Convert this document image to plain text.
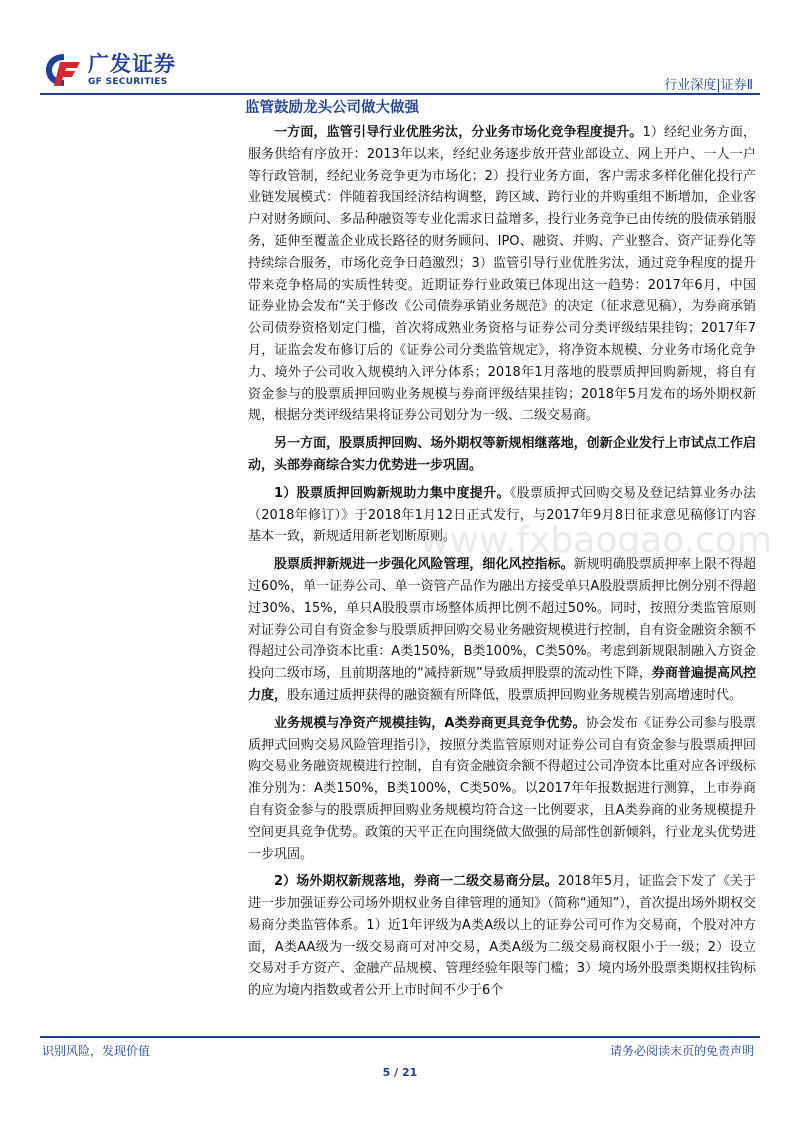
广发证券
GF SECURITIES	行业深度|证券Ⅱ
www.fxbaogao.com
监管鼓励龙头公司做大做强

一方面，监管引导行业优胜劣汰，分业务市场化竞争程度提升。1）经纪业务方面，服务供给有序放开：2013年以来，经纪业务逐步放开营业部设立、网上开户、一人一户等行政管制，经纪业务竞争更为市场化；2）投行业务方面，客户需求多样化催化投行产业链发展模式：伴随着我国经济结构调整，跨区域、跨行业的并购重组不断增加，企业客户对财务顾问、多品种融资等专业化需求日益增多，投行业务竞争已由传统的股债承销服务，延伸至覆盖企业成长路径的财务顾问、IPO、融资、并购、产业整合、资产证券化等持续综合服务，市场化竞争日趋激烈；3）监管引导行业优胜劣汰，通过竞争程度的提升带来竞争格局的实质性转变。近期证券行业政策已体现出这一趋势：2017年6月，中国证券业协会发布“关于修改《公司债券承销业务规范》的决定（征求意见稿），为券商承销公司债券资格划定门槛，首次将成熟业务资格与证券公司分类评级结果挂钩；2017年7月，证监会发布修订后的《证券公司分类监管规定》，将净资本规模、分业务市场化竞争力、境外子公司收入规模纳入评分体系；2018年1月落地的股票质押回购新规，将自有资金参与的股票质押回购业务规模与券商评级结果挂钩；2018年5月发布的场外期权新规，根据分类评级结果将证券公司划分为一级、二级交易商。

另一方面，股票质押回购、场外期权等新规相继落地，创新企业发行上市试点工作启动，头部券商综合实力优势进一步巩固。

1）股票质押回购新规助力集中度提升。《股票质押式回购交易及登记结算业务办法（2018年修订）》于2018年1月12日正式发行，与2017年9月8日征求意见稿修订内容基本一致，新规适用新老划断原则。

股票质押新规进一步强化风险管理，细化风控指标。新规明确股票质押率上限不得超过60%，单一证券公司、单一资管产品作为融出方接受单只A股股票质押比例分别不得超过30%、15%，单只A股股票市场整体质押比例不超过50%。同时，按照分类监管原则对证券公司自有资金参与股票质押回购交易业务融资规模进行控制，自有资金融资余额不得超过公司净资本比重：A类150%，B类100%，C类50%。考虑到新规限制融入方资金投向二级市场，且前期落地的“减持新规”导致质押股票的流动性下降，券商普遍提高风控力度，股东通过质押获得的融资额有所降低，股票质押回购业务规模告别高增速时代。

业务规模与净资产规模挂钩，A类券商更具竞争优势。协会发布《证券公司参与股票质押式回购交易风险管理指引》，按照分类监管原则对证券公司自有资金参与股票质押回购交易业务融资规模进行控制，自有资金融资余额不得超过公司净资本比重对应各评级标准分别为：A类150%，B类100%，C类50%。以2017年年报数据进行测算，上市券商自有资金参与的股票质押回购业务规模均符合这一比例要求，且A类券商的业务规模提升空间更具竞争优势。政策的天平正在向围绕做大做强的局部性创新倾斜，行业龙头优势进一步巩固。

2）场外期权新规落地，券商一二级交易商分层。2018年5月，证监会下发了《关于进一步加强证券公司场外期权业务自律管理的通知》（简称“通知”），首次提出场外期权交易商分类监管体系。1）近1年评级为A类A级以上的证券公司可作为交易商，个股对冲方面，A类AA级为一级交易商可对冲交易，A类A级为二级交易商权限小于一级；2）设立交易对手方资产、金融产品规模、管理经验年限等门槛；3）境内场外股票类期权挂钩标的应为境内指数或者公开上市时间不少于6个

识别风险，发现价值	请务必阅读末页的免责声明
5 / 21
